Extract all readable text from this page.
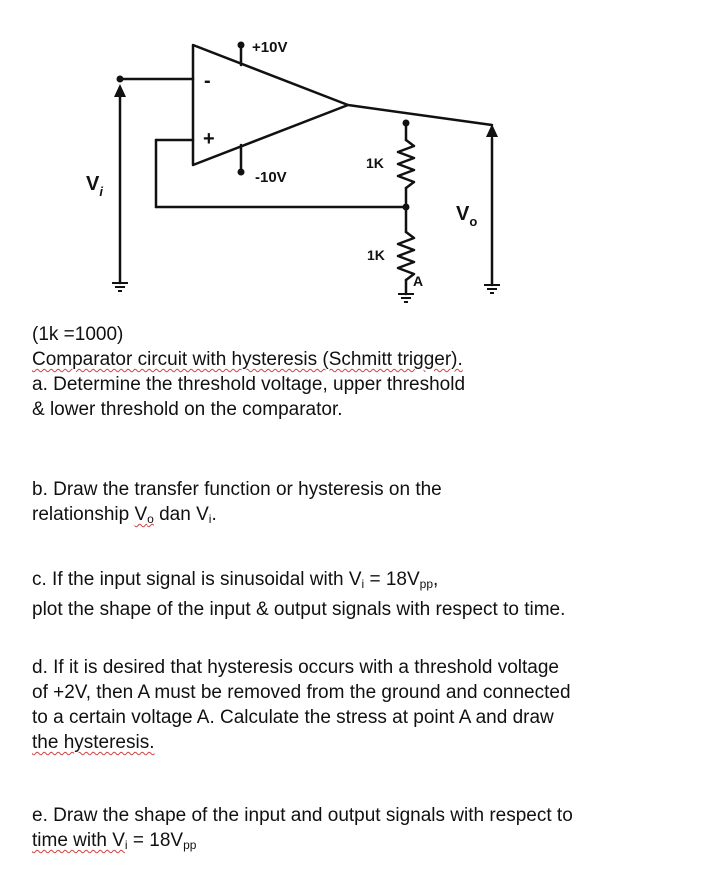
+10V
-10V
-
+
1K
1K
A
$V_i$
$V_o$
(1k =1000)
Comparator circuit with hysteresis (Schmitt trigger).
a. Determine the threshold voltage, upper threshold
& lower threshold on the comparator.
b. Draw the transfer function or hysteresis on the
relationship $V_o$ dan $V_i$.
c. If the input signal is sinusoidal with $V_i = 18V_{pp}$,
plot the shape of the input & output signals with respect to time.
d. If it is desired that hysteresis occurs with a threshold voltage
of +2V, then A must be removed from the ground and connected
to a certain voltage A. Calculate the stress at point A and draw
the hysteresis.
e. Draw the shape of the input and output signals with respect to
time with $V_i = 18V_{pp}$
